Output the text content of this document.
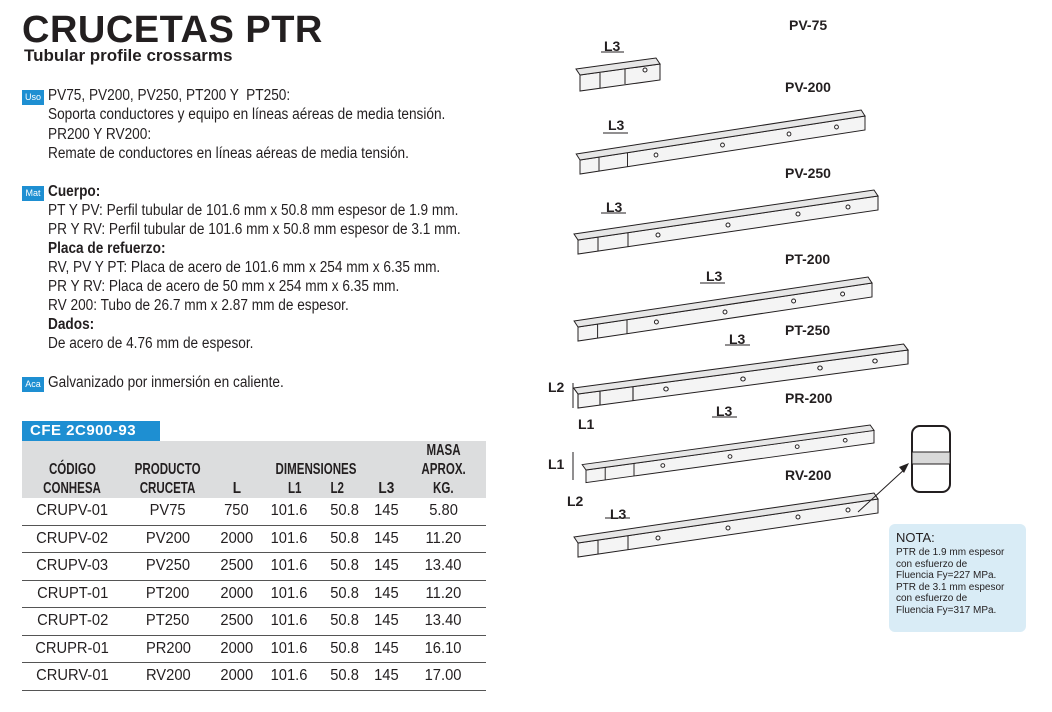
CRUCETAS PTR
Tubular profile crossarms
Uso PV75, PV200, PV250, PT200 Y  PT250:
Soporta conductores y equipo en líneas aéreas de media tensión.
PR200 Y RV200:
Remate de conductores en líneas aéreas de media tensión.
Mat Cuerpo:
PT Y PV: Perfil tubular de 101.6 mm x 50.8 mm espesor de 1.9 mm.
PR Y RV: Perfil tubular de 101.6 mm x 50.8 mm espesor de 3.1 mm.
Placa de refuerzo:
RV, PV Y PT: Placa de acero de 101.6 mm x 254 mm x 6.35 mm.
PR Y RV: Placa de acero de 50 mm x 254 mm x 6.35 mm.
RV 200: Tubo de 26.7 mm x 2.87 mm de espesor.
Dados:
De acero de 4.76 mm de espesor.
Aca Galvanizado por inmersión en caliente.
CFE 2C900-93
CÓDIGO
CONHESA	PRODUCTO
CRUCETA	L	DIMENSIONES
L1 L2		L3	MASA APROX.
KG.
CRUPV-01	PV75	750	101.6	50.8	145	5.80
CRUPV-02	PV200	2000	101.6	50.8	145	11.20
CRUPV-03	PV250	2500	101.6	50.8	145	13.40
CRUPT-01	PT200	2000	101.6	50.8	145	11.20
CRUPT-02	PT250	2500	101.6	50.8	145	13.40
CRUPR-01	PR200	2000	101.6	50.8	145	16.10
CRURV-01	RV200	2000	101.6	50.8	145	17.00
PV-75
PV-200
PV-250
PT-200
PT-250
PR-200
RV-200
L3
L3
L3
L3
L3
L3
L3
L2
L1
L1
L2
NOTA:
PTR de 1.9 mm espesor
con esfuerzo de
Fluencia Fy=227 MPa.
PTR de 3.1 mm espesor
con esfuerzo de
Fluencia Fy=317 MPa.
